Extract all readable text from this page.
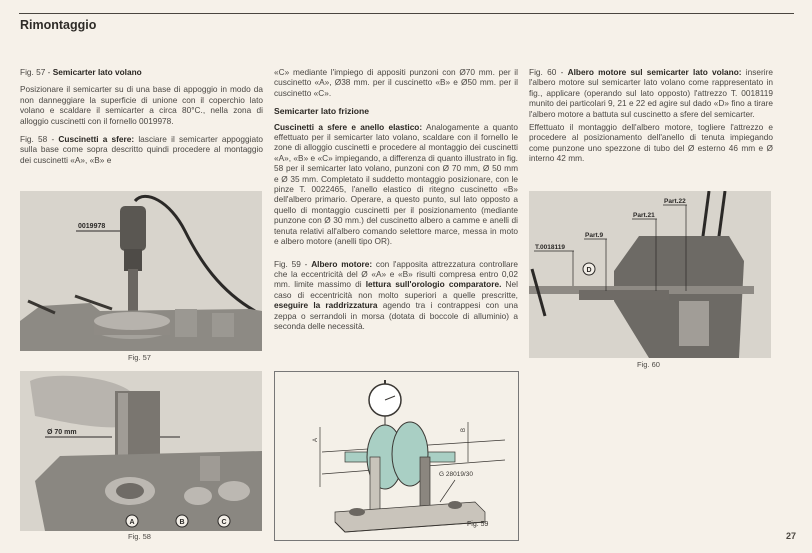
Rimontaggio

Fig. 57 - Semicarter lato volano

Posizionare il semicarter su di una base di appoggio in modo da non danneggiare la superficie di unione con il coperchio lato volano e scaldare il semicarter a circa 80°C., nella zona di alloggio cuscinetti con il fornello 0019978.

Fig. 58 - Cuscinetti a sfere: lasciare il semicarter appoggiato sulla base come sopra descritto quindi procedere al montaggio dei cuscinetti «A», «B» e

«C» mediante l'impiego di appositi punzoni con Ø70 mm. per il cuscinetto «A», Ø38 mm. per il cuscinetto «B» e Ø50 mm. per il cuscinetto «C».

Semicarter lato frizione

Cuscinetti a sfere e anello elastico: Analogamente a quanto effettuato per il semicarter lato volano, scaldare con il fornello le zone di alloggio cuscinetti e procedere al montaggio dei cuscinetti «A», «B» e «C» impiegando, a differenza di quanto illustrato in fig. 58 per il semicarter lato volano, punzoni con Ø 70 mm, Ø 50 mm e Ø 35 mm. Completato il suddetto montaggio posizionare, con le pinze T. 0022465, l'anello elastico di ritegno cuscinetto «B» dell'albero primario. Operare, a questo punto, sul lato opposto a quello di montaggio cuscinetti per il posizionamento (mediante punzone con Ø 30 mm.) del cuscinetto albero a camme e anelli di tenuta relativi all'albero comando selettore marce, messa in moto e albero motore (anelli tipo OR).

Fig. 59 - Albero motore: con l'apposita attrezzatura controllare che la eccentricità del Ø «A» e «B» risulti compresa entro 0,02 mm. limite massimo di lettura sull'orologio comparatore. Nel caso di eccentricità non molto superiori a quelle prescritte, eseguire la raddrizzatura agendo tra i contrappesi con una zeppa o serrandoli in morsa (dotata di boccole di alluminio) a seconda delle necessità.

Fig. 60 - Albero motore sul semicarter lato volano: inserire l'albero motore sul semicarter lato volano come rappresentato in fig., applicare (operando sul lato opposto) l'attrezzo T. 0018119 munito dei particolari 9, 21 e 22 ed agire sul dado «D» fino a tirare l'albero motore a battuta sul cuscinetto a sfere del semicarter.

Effettuato il montaggio dell'albero motore, togliere l'attrezzo e procedere al posizionamento dell'anello di tenuta impiegando come punzone uno spezzone di tubo del Ø esterno 46 mm e Ø interno 42 mm.

0019978
Fig. 57
Ø 70 mm
A	B	C
Fig. 58
A
B
G 28019/30
Fig. 59
T.0018119
Part.9
Part.21
Part.22
D
Fig. 60
27
